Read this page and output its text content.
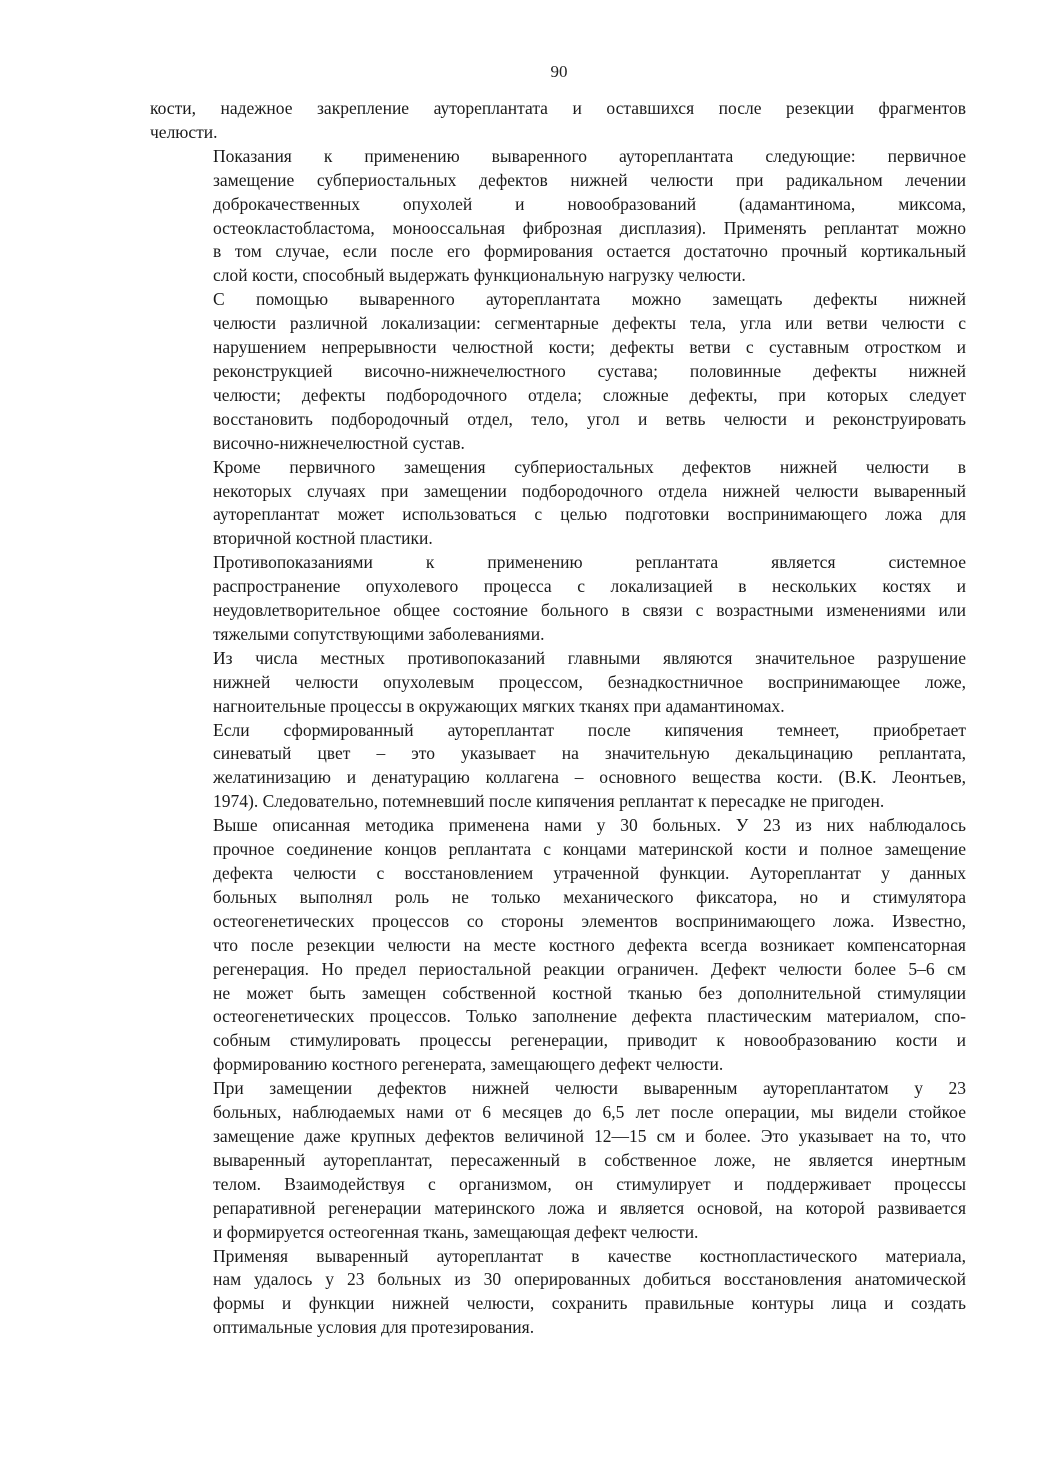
90

кости, надежное закрепление аутореплантата и оставшихся после резекции фрагментов
челюсти.

Показания к применению вываренного аутореплантата следующие: первичное
замещение субпериостальных дефектов нижней челюсти при радикальном лечении
доброкачественных опухолей и новообразований (адамантинома, миксома,
остеокластобластома, монооссальная фиброзная дисплазия). Применять реплантат можно
в том случае, если после его формирования остается достаточно прочный кортикальный
слой кости, способный выдержать функциональную нагрузку челюсти.

С помощью вываренного аутореплантата можно замещать дефекты нижней
челюсти различной локализации: сегментарные дефекты тела, угла или ветви челюсти с
нарушением непрерывности челюстной кости; дефекты ветви с суставным отростком и
реконструкцией височно-нижнечелюстного сустава; половинные дефекты нижней
челюсти; дефекты подбородочного отдела; сложные дефекты, при которых следует
восстановить подбородочный отдел, тело, угол и ветвь челюсти и реконструировать
височно-нижнечелюстной сустав.

Кроме первичного замещения субпериостальных дефектов нижней челюсти в
некоторых случаях при замещении подбородочного отдела нижней челюсти вываренный
аутореплантат может использоваться с целью подготовки воспринимающего ложа для
вторичной костной пластики.

Противопоказаниями к применению реплантата является системное
распространение опухолевого процесса с локализацией в нескольких костях и
неудовлетворительное общее состояние больного в связи с возрастными изменениями или
тяжелыми сопутствующими заболеваниями.

Из числа местных противопоказаний главными являются значительное разрушение
нижней челюсти опухолевым процессом, безнадкостничное воспринимающее ложе,
нагноительные процессы в окружающих мягких тканях при адамантиномах.

Если сформированный аутореплантат после кипячения темнеет, приобретает
синеватый цвет – это указывает на значительную декальцинацию реплантата,
желатинизацию и денатурацию коллагена – основного вещества кости. (В.К. Леонтьев,
1974). Следовательно, потемневший после кипячения реплантат к пересадке не пригоден.

Выше описанная методика применена нами у 30 больных. У 23 из них наблюдалось
прочное соединение концов реплантата с концами материнской кости и полное замещение
дефекта челюсти с восстановлением утраченной функции. Аутореплантат у данных
больных выполнял роль не только механического фиксатора, но и стимулятора
остеогенетических процессов со стороны элементов воспринимающего ложа. Известно,
что после резекции челюсти на месте костного дефекта всегда возникает компенсаторная
регенерация. Но предел периостальной реакции ограничен. Дефект челюсти более 5–6 см
не может быть замещен собственной костной тканью без дополнительной стимуляции
остеогенетических процессов. Только заполнение дефекта пластическим материалом, спо-
собным стимулировать процессы регенерации, приводит к новообразованию кости и
формированию костного регенерата, замещающего дефект челюсти.

При замещении дефектов нижней челюсти вываренным аутореплантатом у 23
больных, наблюдаемых нами от 6 месяцев до 6,5 лет после операции, мы видели стойкое
замещение даже крупных дефектов величиной 12—15 см и более. Это указывает на то, что
вываренный аутореплантат, пересаженный в собственное ложе, не является инертным
телом. Взаимодействуя с организмом, он стимулирует и поддерживает процессы
репаративной регенерации материнского ложа и является основой, на которой развивается
и формируется остеогенная ткань, замещающая дефект челюсти.

Применяя вываренный аутореплантат в качестве костнопластического материала,
нам удалось у 23 больных из 30 оперированных добиться восстановления анатомической
формы и функции нижней челюсти, сохранить правильные контуры лица и создать
оптимальные условия для протезирования.
